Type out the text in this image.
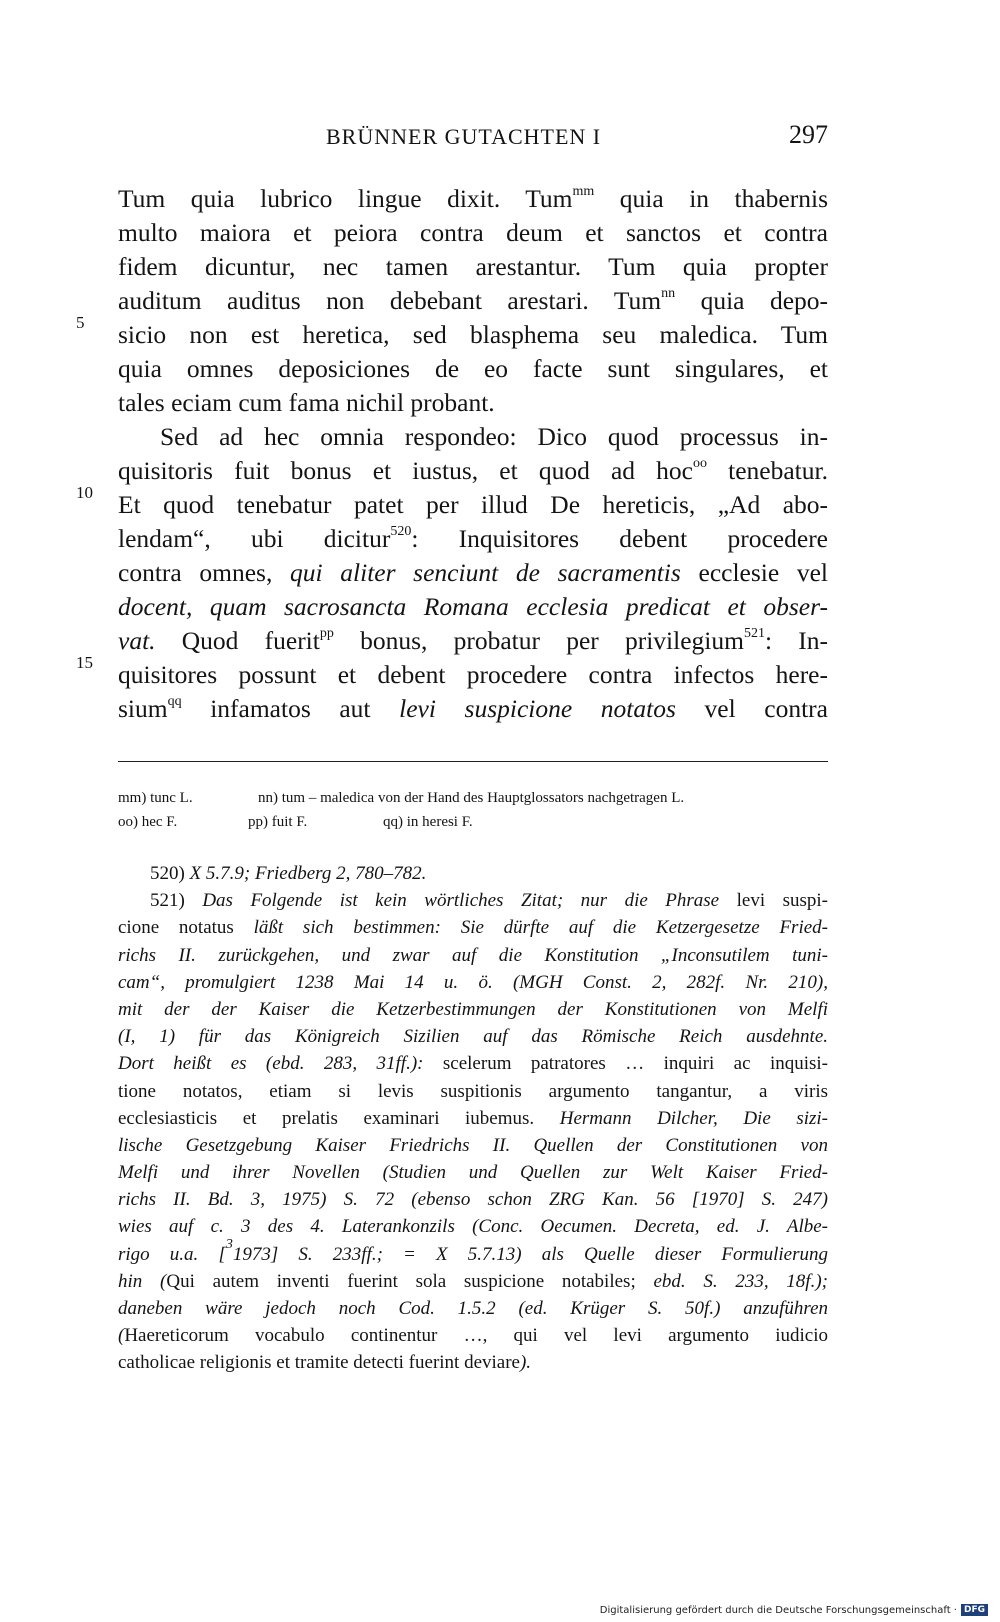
BRÜNNER GUTACHTEN I	297
5
10
15
Tum quia lubrico lingue dixit. Tum$^{mm}$ quia in thabernis
multo maiora et peiora contra deum et sanctos et contra
fidem dicuntur, nec tamen arestantur. Tum quia propter
auditum auditus non debebant arestari. Tum$^{nn}$ quia depo-
sicio non est heretica, sed blasphema seu maledica. Tum
quia omnes deposiciones de eo facte sunt singulares, et
tales eciam cum fama nichil probant.
Sed ad hec omnia respondeo: Dico quod processus in-
quisitoris fuit bonus et iustus, et quod ad hoc$^{oo}$ tenebatur.
Et quod tenebatur patet per illud De hereticis, „Ad abo-
lendam“, ubi dicitur$^{520}$: Inquisitores debent procedere
contra omnes, qui aliter senciunt de sacramentis ecclesie vel
docent, quam sacrosancta Romana ecclesia predicat et obser-
vat. Quod fuerit$^{pp}$ bonus, probatur per privilegium$^{521}$: In-
quisitores possunt et debent procedere contra infectos here-
sium$^{qq}$ infamatos aut levi suspicione notatos vel contra
mm) tunc L.	nn) tum – maledica von der Hand des Hauptglossators nachgetragen L.
oo) hec F.	pp) fuit F.	qq) in heresi F.
520) X 5.7.9; Friedberg 2, 780–782.
521) Das Folgende ist kein wörtliches Zitat; nur die Phrase levi suspi-
cione notatus läßt sich bestimmen: Sie dürfte auf die Ketzergesetze Fried-
richs II. zurückgehen, und zwar auf die Konstitution „Inconsutilem tuni-
cam“, promulgiert 1238 Mai 14 u. ö. (MGH Const. 2, 282f. Nr. 210),
mit der der Kaiser die Ketzerbestimmungen der Konstitutionen von Melfi
(I, 1) für das Königreich Sizilien auf das Römische Reich ausdehnte.
Dort heißt es (ebd. 283, 31ff.): scelerum patratores … inquiri ac inquisi-
tione notatos, etiam si levis suspitionis argumento tangantur, a viris
ecclesiasticis et prelatis examinari iubemus. Hermann Dilcher, Die sizi-
lische Gesetzgebung Kaiser Friedrichs II. Quellen der Constitutionen von
Melfi und ihrer Novellen (Studien und Quellen zur Welt Kaiser Fried-
richs II. Bd. 3, 1975) S. 72 (ebenso schon ZRG Kan. 56 [1970] S. 247)
wies auf c. 3 des 4. Laterankonzils (Conc. Oecumen. Decreta, ed. J. Albe-
rigo u.a. [$^3$1973] S. 233ff.; = X 5.7.13) als Quelle dieser Formulierung
hin (Qui autem inventi fuerint sola suspicione notabiles; ebd. S. 233, 18f.);
daneben wäre jedoch noch Cod. 1.5.2 (ed. Krüger S. 50f.) anzuführen
(Haereticorum vocabulo continentur …, qui vel levi argumento iudicio
catholicae religionis et tramite detecti fuerint deviare).
Digitalisierung gefördert durch die Deutsche Forschungsgemeinschaft · DFG
